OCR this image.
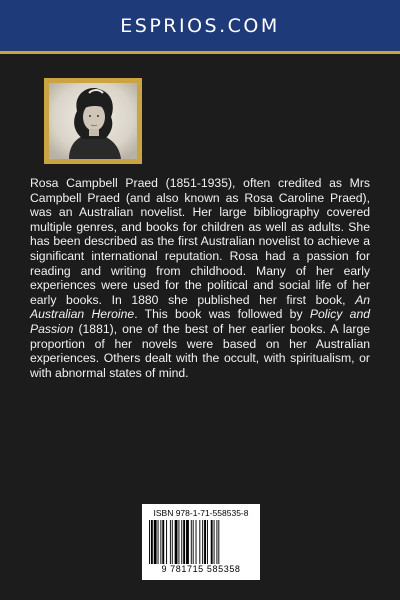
ESPRIOS.COM
Rosa Campbell Praed (1851-1935), often credited as Mrs Campbell Praed (and also known as Rosa Caroline Praed), was an Australian novelist. Her large bibliography covered multiple genres, and books for children as well as adults. She has been described as the first Australian novelist to achieve a significant international reputation. Rosa had a passion for reading and writing from childhood. Many of her early experiences were used for the political and social life of her early books. In 1880 she published her first book, An Australian Heroine. This book was followed by Policy and Passion (1881), one of the best of her earlier books. A large proportion of her novels were based on her Australian experiences. Others dealt with the occult, with spiritualism, or with abnormal states of mind.
ISBN 978-1-71-558535-8
9 781715 585358
